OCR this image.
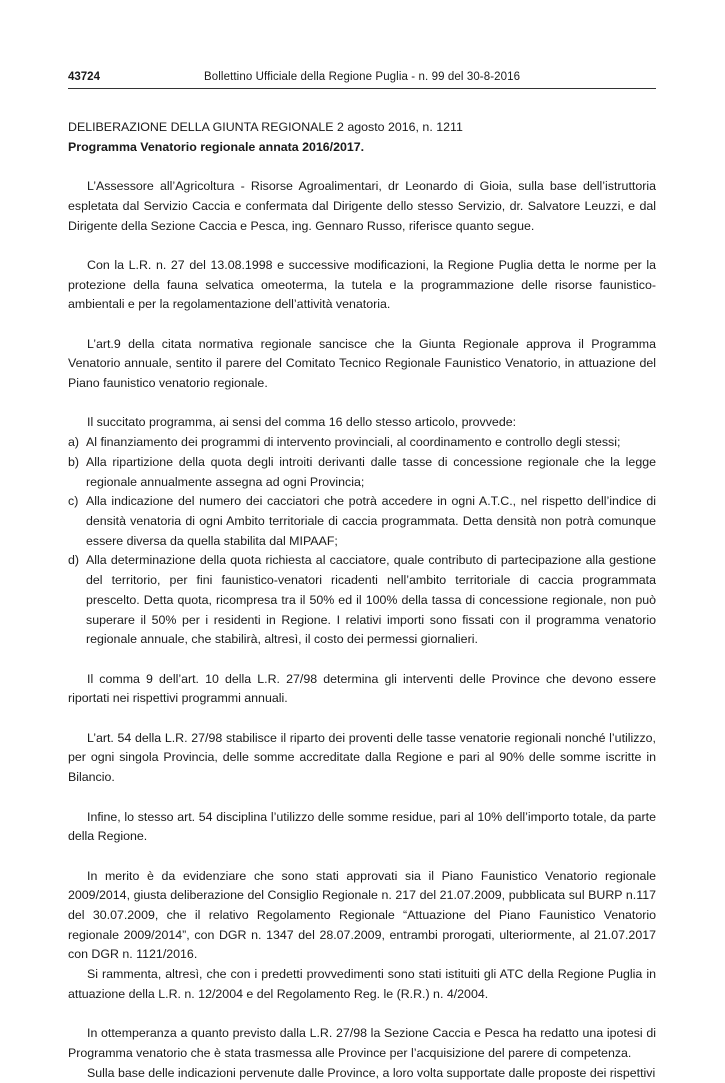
43724	Bollettino Ufficiale della Regione Puglia - n. 99 del 30-8-2016
DELIBERAZIONE DELLA GIUNTA REGIONALE 2 agosto 2016, n. 1211
Programma Venatorio regionale annata 2016/2017.

L’Assessore all’Agricoltura - Risorse Agroalimentari, dr Leonardo di Gioia, sulla base dell’istruttoria espletata dal Servizio Caccia e confermata dal Dirigente dello stesso Servizio, dr. Salvatore Leuzzi, e dal Dirigente della Sezione Caccia e Pesca, ing. Gennaro Russo, riferisce quanto segue.

Con la L.R. n. 27 del 13.08.1998 e successive modificazioni, la Regione Puglia detta le norme per la protezione della fauna selvatica omeoterma, la tutela e la programmazione delle risorse faunistico-ambientali e per la regolamentazione dell’attività venatoria.

L’art.9 della citata normativa regionale sancisce che la Giunta Regionale approva il Programma Venatorio annuale, sentito il parere del Comitato Tecnico Regionale Faunistico Venatorio, in attuazione del Piano faunistico venatorio regionale.

Il succitato programma, ai sensi del comma 16 dello stesso articolo, provvede:

a) Al finanziamento dei programmi di intervento provinciali, al coordinamento e controllo degli stessi;
b) Alla ripartizione della quota degli introiti derivanti dalle tasse di concessione regionale che la legge regionale annualmente assegna ad ogni Provincia;
c) Alla indicazione del numero dei cacciatori che potrà accedere in ogni A.T.C., nel rispetto dell’indice di densità venatoria di ogni Ambito territoriale di caccia programmata. Detta densità non potrà comunque essere diversa da quella stabilita dal MIPAAF;
d) Alla determinazione della quota richiesta al cacciatore, quale contributo di partecipazione alla gestione del territorio, per fini faunistico-venatori ricadenti nell’ambito territoriale di caccia programmata prescelto. Detta quota, ricompresa tra il 50% ed il 100% della tassa di concessione regionale, non può superare il 50% per i residenti in Regione. I relativi importi sono fissati con il programma venatorio regionale annuale, che stabilirà, altresì, il costo dei permessi giornalieri.

Il comma 9 dell’art. 10 della L.R. 27/98 determina gli interventi delle Province che devono essere riportati nei rispettivi programmi annuali.

L’art. 54 della L.R. 27/98 stabilisce il riparto dei proventi delle tasse venatorie regionali nonché l’utilizzo, per ogni singola Provincia, delle somme accreditate dalla Regione e pari al 90% delle somme iscritte in Bilancio.

Infine, lo stesso art. 54 disciplina l’utilizzo delle somme residue, pari al 10% dell’importo totale, da parte della Regione.

In merito è da evidenziare che sono stati approvati sia il Piano Faunistico Venatorio regionale 2009/2014, giusta deliberazione del Consiglio Regionale n. 217 del 21.07.2009, pubblicata sul BURP n.117 del 30.07.2009, che il relativo Regolamento Regionale “Attuazione del Piano Faunistico Venatorio regionale 2009/2014”, con DGR n. 1347 del 28.07.2009, entrambi prorogati, ulteriormente, al 21.07.2017 con DGR n. 1121/2016.

Si rammenta, altresì, che con i predetti provvedimenti sono stati istituiti gli ATC della Regione Puglia in attuazione della L.R. n. 12/2004 e del Regolamento Reg. le (R.R.) n. 4/2004.

In ottemperanza a quanto previsto dalla L.R. 27/98 la Sezione Caccia e Pesca ha redatto una ipotesi di Programma venatorio che è stata trasmessa alle Province per l’acquisizione del parere di competenza.

Sulla base delle indicazioni pervenute dalle Province, a loro volta supportate dalle proposte dei rispettivi
